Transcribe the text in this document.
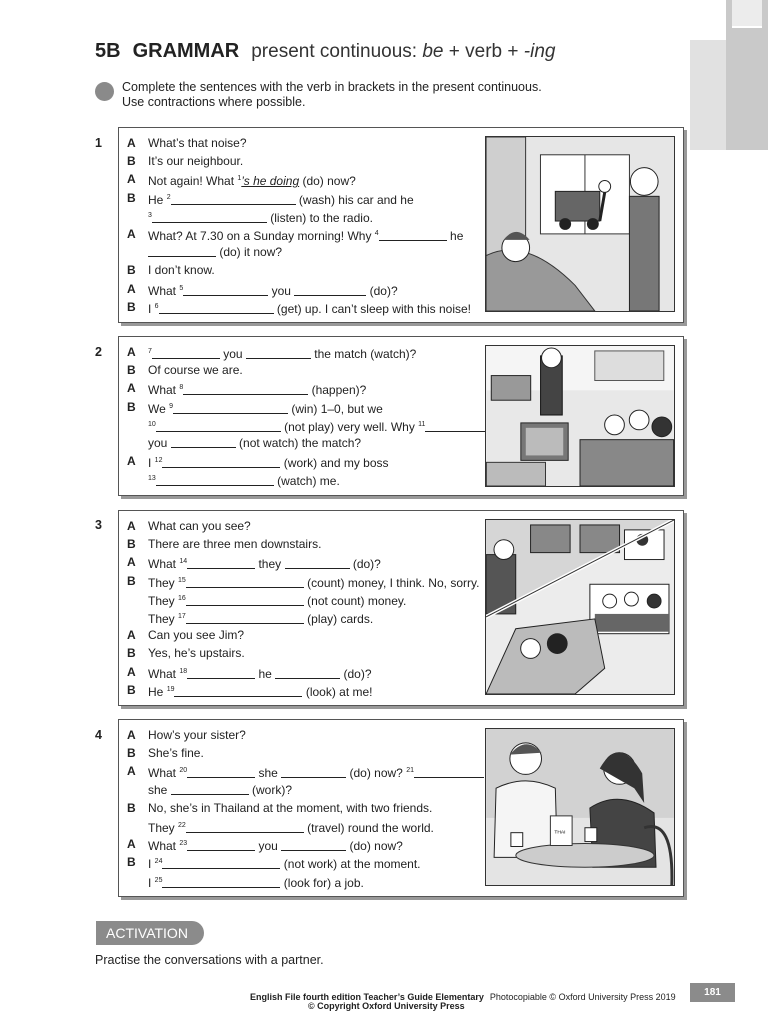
5B GRAMMAR present continuous: be + verb + -ing
Complete the sentences with the verb in brackets in the present continuous.
Use contractions where possible.
1 A	What’s that noise?
B	It’s our neighbour.
A	Not again! What $^1$’s he doing (do) now?
B	He $^2$	(wash) his car and he
$^3$	(listen) to the radio.
A	What? At 7.30 on a Sunday morning! Why $^4$	he
(do) it now?
B	I don’t know.
A	What $^5$	you	(do)?
B	I $^6$	(get) up. I can’t sleep with this noise!
2 A	$^7$	you	the match (watch)?
B	Of course we are.
A	What $^8$	(happen)?
B	We $^9$	(win) 1–0, but we
$^{10}$	(not play) very well. Why $^{11}$
you	(not watch) the match?
A	I $^{12}$	(work) and my boss
$^{13}$	(watch) me.
3 A	What can you see?
B	There are three men downstairs.
A	What $^{14}$	they	(do)?
B	They $^{15}$	(count) money, I think. No, sorry.
They $^{16}$	(not count) money.
They $^{17}$	(play) cards.
A	Can you see Jim?
B	Yes, he’s upstairs.
A	What $^{18}$	he	(do)?
B	He $^{19}$	(look) at me!
4 A	How’s your sister?
B	She’s fine.
A	What $^{20}$	she	(do) now? $^{21}$
she	(work)?
B	No, she’s in Thailand at the moment, with two friends.
They $^{22}$	(travel) round the world.
A	What $^{23}$	you	(do) now?
B	I $^{24}$	(not work) at the moment.
I $^{25}$	(look for) a job.
THAI
ACTIVATION
Practise the conversations with a partner.
English File fourth edition Teacher’s Guide Elementary Photocopiable © Oxford University Press 2019
© Copyright Oxford University Press
181
